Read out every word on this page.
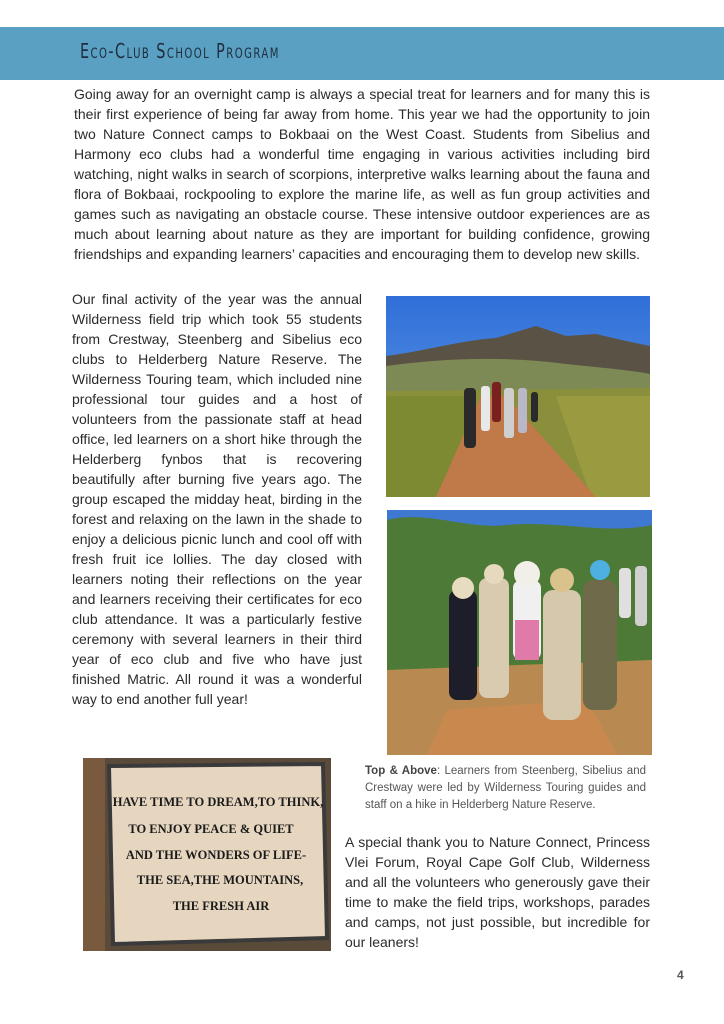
Eco-Club School Program

Going away for an overnight camp is always a special treat for learners and for many this is their first experience of being far away from home. This year we had the opportunity to join two Nature Connect camps to Bokbaai on the West Coast. Students from Sibelius and Harmony eco clubs had a wonderful time engaging in various activities including bird watching, night walks in search of scorpions, interpretive walks learning about the fauna and flora of Bokbaai, rockpooling to explore the marine life, as well as fun group activities and games such as navigating an obstacle course. These intensive outdoor experiences are as much about learning about nature as they are important for building confidence, growing friendships and expanding learners’ capacities and encouraging them to develop new skills.

Our final activity of the year was the annual Wilderness field trip which took 55 students from Crestway, Steenberg and Sibelius eco clubs to Helderberg Nature Reserve. The Wilderness Touring team, which included nine professional tour guides and a host of volunteers from the passionate staff at head office, led learners on a short hike through the Helderberg fynbos that is recovering beautifully after burning five years ago. The group escaped the midday heat, birding in the forest and relaxing on the lawn in the shade to enjoy a delicious picnic lunch and cool off with fresh fruit ice lollies. The day closed with learners noting their reflections on the year and learners receiving their certificates for eco club attendance. It was a particularly festive ceremony with several learners in their third year of eco club and five who have just finished Matric. All round it was a wonderful way to end another full year!

HAVE TIME TO DREAM,TO THINK,
TO ENJOY PEACE & QUIET
AND THE WONDERS OF LIFE-
THE SEA,THE MOUNTAINS,
THE FRESH AIR

Top & Above: Learners from Steenberg, Sibelius and Crestway were led by Wilderness Touring guides and staff on a hike in Helderberg Nature Reserve.

A special thank you to Nature Connect, Princess Vlei Forum, Royal Cape Golf Club, Wilderness and all the volunteers who generously gave their time to make the field trips, workshops, parades and camps, not just possible, but incredible for our leaners!

4
